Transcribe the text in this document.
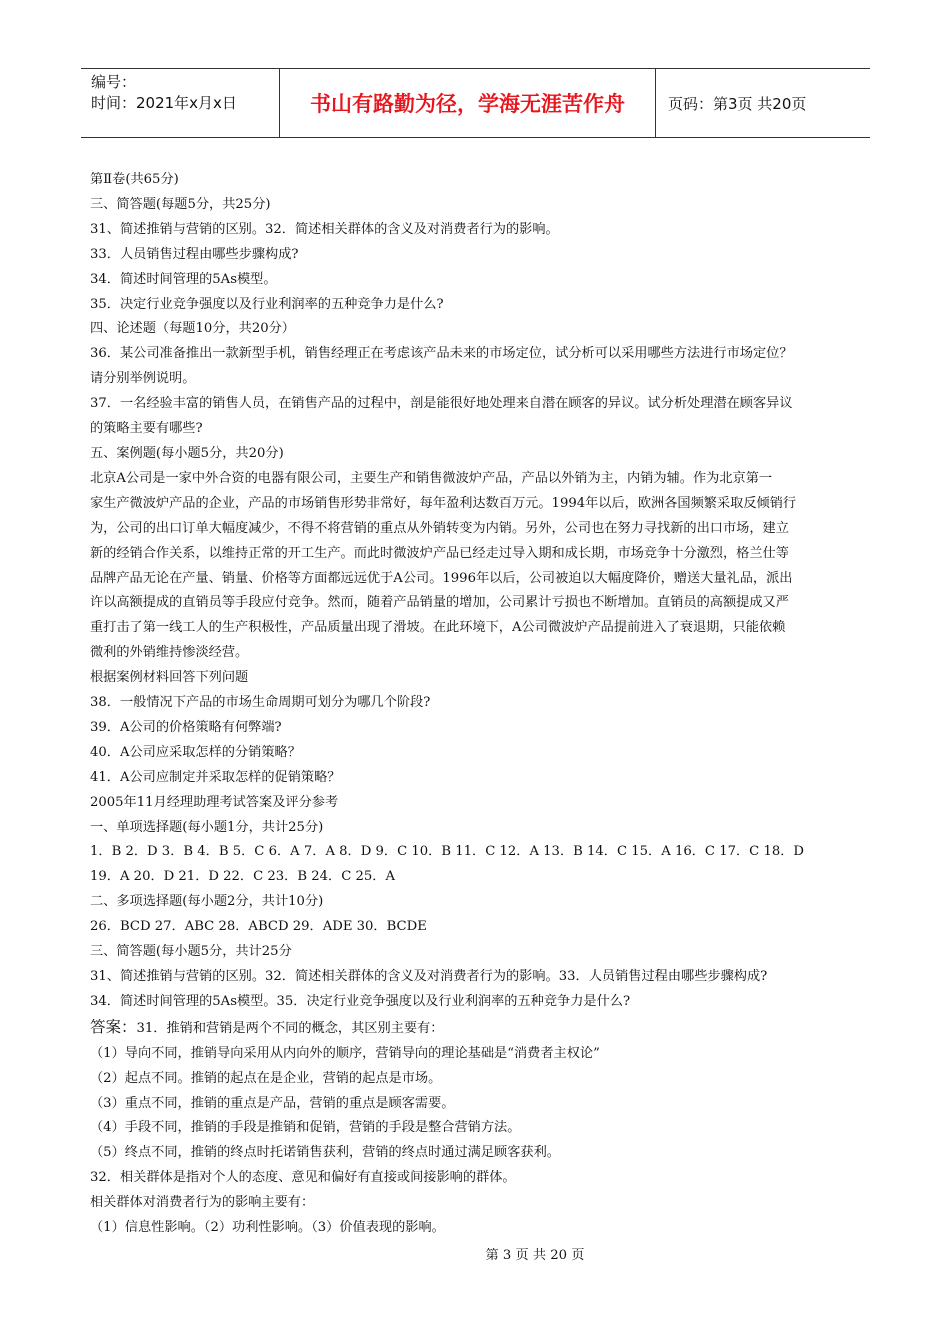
编号：
时间：2021年x月x日	书山有路勤为径，学海无涯苦作舟	页码：第3页 共20页
第Ⅱ卷(共65分)
三、简答题(每题5分，共25分)
31、简述推销与营销的区别。32．简述相关群体的含义及对消费者行为的影响。
33．人员销售过程由哪些步骤构成?
34．简述时间管理的5As模型。
35．决定行业竞争强度以及行业利润率的五种竞争力是什么?
四、论述题（每题10分，共20分）
36．某公司准备推出一款新型手机，销售经理正在考虑该产品未来的市场定位，试分析可以采用哪些方法进行市场定位？
请分别举例说明。
37．一名经验丰富的销售人员，在销售产品的过程中，剖是能很好地处理来自潜在顾客的异议。试分析处理潜在顾客异议
的策略主要有哪些?
五、案例题(每小题5分，共20分)
北京A公司是一家中外合资的电器有限公司，主要生产和销售微波炉产品，产品以外销为主，内销为辅。作为北京第一
家生产微波炉产品的企业，产品的市场销售形势非常好，每年盈利达数百万元。1994年以后，欧洲各国频繁采取反倾销行
为，公司的出口订单大幅度减少，不得不将营销的重点从外销转变为内销。另外，公司也在努力寻找新的出口市场，建立
新的经销合作关系，以维持正常的开工生产。而此时微波炉产品已经走过导入期和成长期，市场竞争十分激烈，格兰仕等
品牌产品无论在产量、销量、价格等方面都远远优于A公司。1996年以后，公司被迫以大幅度降价，赠送大量礼品，派出
许以高额提成的直销员等手段应付竞争。然而，随着产品销量的增加，公司累计亏损也不断增加。直销员的高额提成又严
重打击了第一线工人的生产积极性，产品质量出现了滑坡。在此环境下，A公司微波炉产品提前进入了衰退期，只能依赖
微利的外销维持惨淡经营。
根据案例材料回答下列问题
38．一般情况下产品的市场生命周期可划分为哪几个阶段?
39．A公司的价格策略有何弊端?
40．A公司应采取怎样的分销策略？
41．A公司应制定并采取怎样的促销策略？
2005年11月经理助理考试答案及评分参考
一、单项选择题(每小题1分，共计25分)
1．B 2．D 3．B 4．B 5．C 6．A 7．A 8．D 9．C 10．B 11．C 12．A 13．B 14．C 15．A 16．C 17．C 18．D
19．A 20．D 21．D 22．C 23．B 24．C 25．A
二、多项选择题(每小题2分，共计10分)
26．BCD 27．ABC 28．ABCD 29．ADE 30．BCDE
三、简答题(每小题5分，共计25分
31、简述推销与营销的区别。32．简述相关群体的含义及对消费者行为的影响。33．人员销售过程由哪些步骤构成?
34．简述时间管理的5As模型。35．决定行业竞争强度以及行业利润率的五种竞争力是什么?
答案：31．推销和营销是两个不同的概念，其区别主要有：
（1）导向不同，推销导向采用从内向外的顺序，营销导向的理论基础是“消费者主权论”
（2）起点不同。推销的起点在是企业，营销的起点是市场。
（3）重点不同，推销的重点是产品，营销的重点是顾客需要。
（4）手段不同，推销的手段是推销和促销，营销的手段是整合营销方法。
（5）终点不同，推销的终点时托诺销售获利，营销的终点时通过满足顾客获利。
32．相关群体是指对个人的态度、意见和偏好有直接或间接影响的群体。
相关群体对消费者行为的影响主要有：
（1）信息性影响。（2）功利性影响。（3）价值表现的影响。
第 3 页 共 20 页
